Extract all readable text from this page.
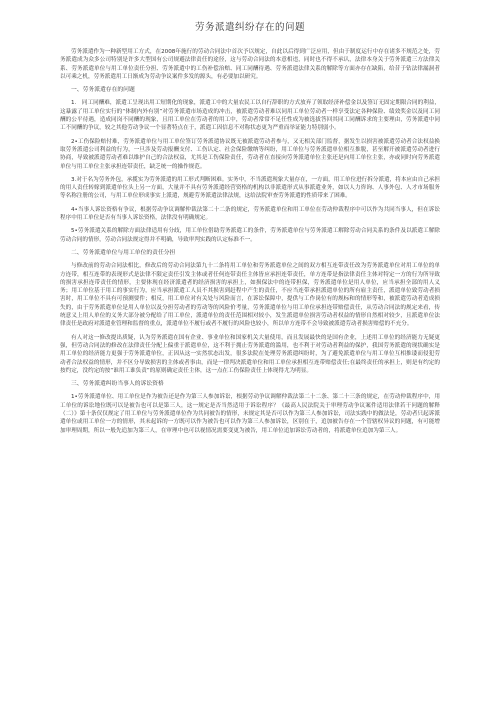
劳务派遣纠纷存在的问题

劳务派遣作为一种新型用工方式，在2008年施行的劳动合同法中首次予以规定，自此以后得到广泛应用，但由于制度运行中存在诸多不规范之处，劳务派遣成为众多公司特别是许多大型国有公司规避法律责任的途径，这与劳动合同法的本意相违，同时也不得不承认，法律本身关于劳务派遣三方法律关系、劳务派遣单位与用工单位责任分担、劳务派遣中的工伤补偿治赔、同工同酬待遇、劳务派遣法律关系的解除等方面亦存在缺陷，给昔于钻法律漏洞者以可乘之机，劳务派遣用工日渐成为劳动争议案件多发的源头，有必要加以研究。

一、劳务派遣存在的问题

1.　同工同酬难，派遣工呈现出用工短期化的现象，派遣工中的大量农民工以自行辞职的方式放弃了领取经济补偿金以及签订无固定期限合同的利益，这暴露了用工单位实行的“体制内外有别”对劳务派遣市场造成的冲击，被派遣劳动者难以同用工单位劳动者一样享受法定各种保险、绩效奖金以及同工同酬的公平待遇，造成同岗不同酬的现象，且用工单位在劳动者的用工中，劳动者常常不足任性成为被选拔答回其同工同酬诉求的主要理由，劳务派遣中同工不同酬的争议，较之其他劳动争议一个显著特点在于，派遣工因信息不对称状态更为严重而举证能力特别弱小。

2•工伤保险赔付难，劳务派遣单位与用工单位签订劳务派遣协议既无被派遣劳动者参与，又无相关部门监督，据发生以损害被派遣劳动者合法权益换取劳务派遣公司利益的行为，一旦涉及劳动报酬支付、工伤认定、社会保险缴纳等纠纷，用工单位与劳务派遣单位相互推脱，甚至解开被派遣劳动者进行协商，导致被派遣劳动者难以维护自己的合法权益，尤其是工伤保险责任，劳动者在直接向劳务派遣单位主张还是向用工单位主张，亦或同时向劳务派遣单位与用工单位主张承担连带责任，缺乏统一的操作规范。

3.对于名为劳务外包，承揽实为劳务派遣的用工形式判断困难。实务中，不当派遣现象大量存在，一方面，用工单位进行拆分派遣，将本应由自己承担的用人责任转嫁到派遣单位头上另一方面，大量并不具有劳务派遣经营资格的机构以非派遣形式从事派遣业务，如以人力咨询、人事外包、人才市场服务等名称注册的公司，与用工单位形成事实上派遣，规避劳务派遣法律法规，这给法院审查劳务派遣的性质带来了困难。

4•当事人诉讼资格有争议，根据劳动争议调解仲裁法第二十二条的规定，劳务派遣单位和用工单位在劳动仲裁程序中可以作为共同当事人，但在诉讼程序中用工单位是否有当事人诉讼资格，法律没有明确规定。

5•劳务派遣关系的解除方面法律适用有分歧，用工单位借助劳务派遣工的条件，劳务派遣单位与劳务派遣工解除劳动合同关系的条件及以派遣工解除劳动合同的情形，劳动合同法规定得并不明确，导致审判实践的认定标准不一。

二、劳务派遣单位与用工单位的责任分担

与修改前的劳动合同法相比，修改后的劳动合同法第九十二条将用工单位和劳务派遣单位之间的双方相互连带责任改为劳务派遣单位对用工单位的单方连带，相互连带的表现形式是法律不限定责任引发主体或者任何连带责任主体皆应承担连带责任，单方连带是指法律责任主体对特定一方的行为所导致的损害承担连带责任的情形，主要体现在经济派遣者的经济损害的承担上，如损保法中的连带担保，劳务派遣单位是用人单位，应当承担全部的用人义务；用工单位基于用工的事实行为，应当承担派遣工人员不其损害到赶程中产生的责任，不应当连带承担派遣单位的所有雇主责任，派遣单位致劳动者损害时，用工单位不具有可预测要件；相反，用工单位对有关处与风险而言，在诉讼保障中，提供与工作岗位有的规标和的情形等和，被派遣劳动者造成损失的，由于劳务派遣单位是用人单位以及分担劳动者的劳动等的风险价考量，劳务派遣单位与用工单位承担连带赔偿责任，从劳动合同法的规定来看，传统意义上用人单位的义务大部分被分配给了用工单位，派遣单位的责任范围相对较小，发生派遣单位损害劳动者权益的情形自然相对较少，且派遣单位法律责任是政府对派遣业管理和监督的重点，派遣单位不履行或者不履行的风险也较小，所以单方连带不会导致被派遣劳动者损害赔偿的不充分。

有人对这一修改提出质疑，认为劳务派遣在国有企业、事业单位和国家机关大量使用，而且发展最快的是国有企业，上述用工单位的经济能力无疑更强，但劳动合同法的修改在法律责任分配上偏重于派遣单位，这不利于拥止劳务派遣的滥用，也不利于对劳动者利益的保护，我国劳务派遣的现状确实是用工单位的经济能力更强于劳务派遣单位，正因从这一实然状态出发，很多法院在处理劳务派遣纠纷时，为了避免派遣单位与用工单位互相推诿而侵犯劳动者合法权益的情形，并不区分导致损害的主体或者事由，而是一律判决派遣单位和用工单位承担相互连带赔偿责任;在最终责任的承担上，则是有约定的按约定，没约定的按“谁用工谁负责”的原则确定责任主体，这一点在工伤保险责任上体现得尤为明显。

三、劳务派遣纠纷当事人的诉讼资格

1•劳务派遣单位、用工单位是作为被告还是作为第三人参加诉讼，根据劳动争议调解仲裁法第二十二条、第二十三条的规定，在劳动仲裁程序中，用工单位的诉讼地位既可以是被告也可以是第三人，这一规定是否当然适用于诉讼程序？《最高人民法院关于审理劳动争议案件适用法律若干问题的解释（二）》第十条仅仅规定了用工单位与劳务派遣单位作为共同被告的情形，未规定其是否可以作为第三人参加诉讼，司法实践中的做法是，劳动者只起诉派遣单位或用工单位一方的情形，其未起诉的一方既可以作为被告也可以作为第三人参加诉讼，区别在于，追加被告存在一个管辖权异议的问题，有可能增加审理周期，所以一般先追加为第三人，在审理中也可以视情况需要变更为被告，用工单位追加诉讼劳动者的，将派遣单位追加为第三人。
